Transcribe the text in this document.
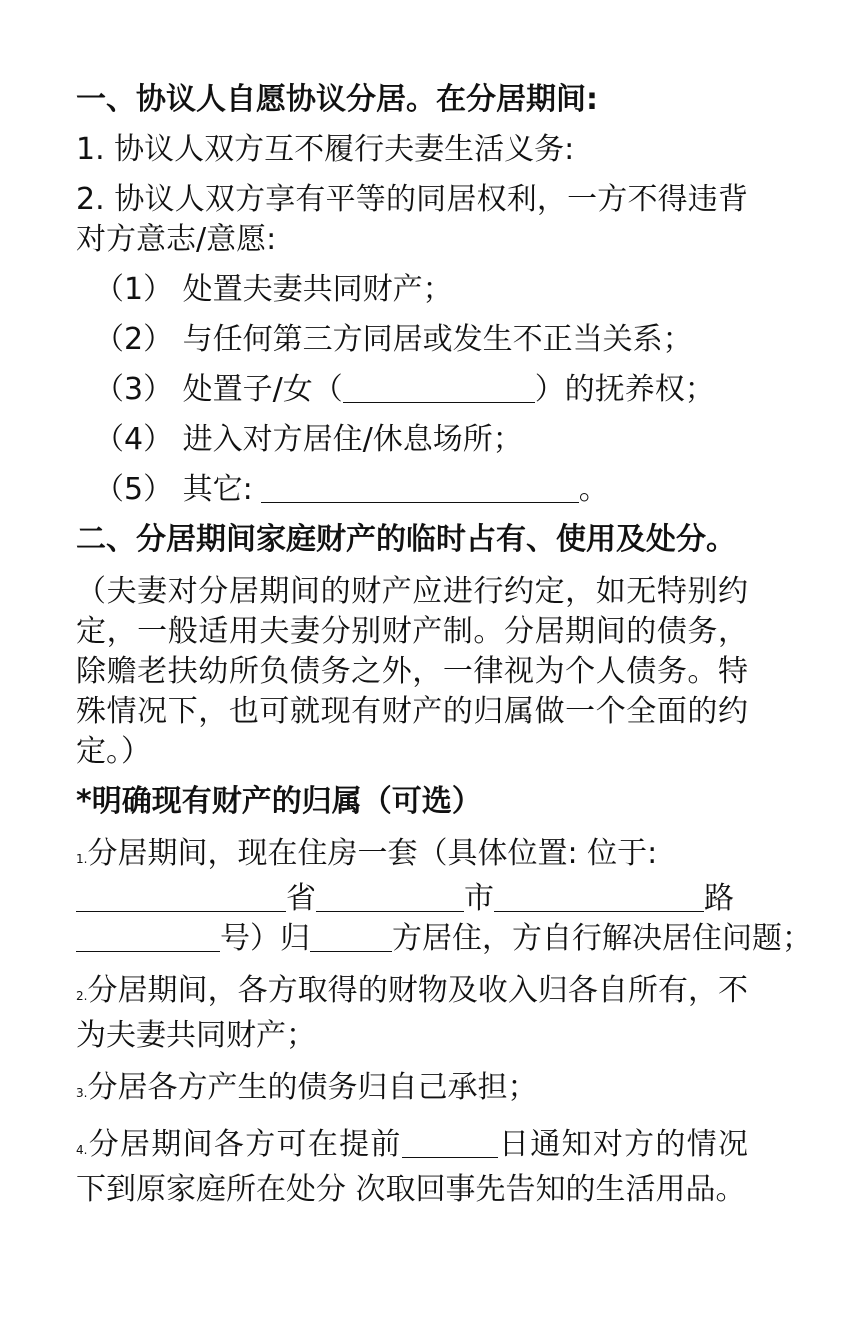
一、协议人自愿协议分居。在分居期间:
1. 协议人双方互不履行夫妻生活义务:
2. 协议人双方享有平等的同居权利，一方不得违背对方意志/意愿:
（1） 处置夫妻共同财产；
（2） 与任何第三方同居或发生不正当关系；
（3） 处置子/女（	）的抚养权；
（4） 进入对方居住/休息场所；
（5） 其它:	。
二、分居期间家庭财产的临时占有、使用及处分。
（夫妻对分居期间的财产应进行约定，如无特别约定，一般适用夫妻分别财产制。分居期间的债务，除赡老扶幼所负债务之外，一律视为个人债务。特殊情况下，也可就现有财产的归属做一个全面的约定。）
*明确现有财产的归属（可选）
1.分居期间，现在住房一套（具体位置: 位于:
省	市	路
号）归	方居住，方自行解决居住问题；
2.分居期间，各方取得的财物及收入归各自所有，不为夫妻共同财产；
3.分居各方产生的债务归自己承担；
4.分居期间各方可在提前	日通知对方的情况下到原家庭所在处分 次取回事先告知的生活用品。
